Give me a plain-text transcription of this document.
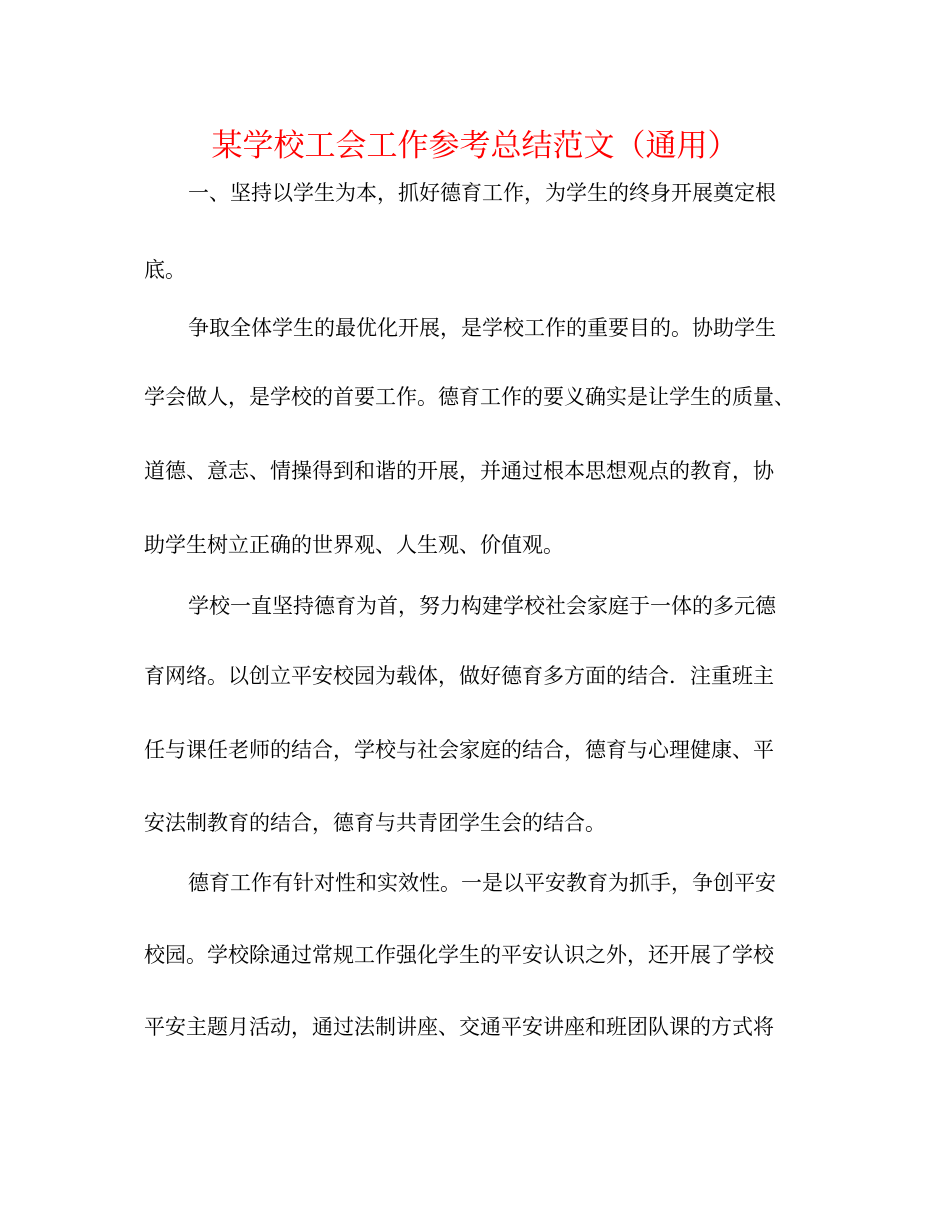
某学校工会工作参考总结范文（通用）
一、坚持以学生为本，抓好德育工作，为学生的终身开展奠定根
底。
争取全体学生的最优化开展，是学校工作的重要目的。协助学生
学会做人，是学校的首要工作。德育工作的要义确实是让学生的质量、
道德、意志、情操得到和谐的开展，并通过根本思想观点的教育，协
助学生树立正确的世界观、人生观、价值观。
学校一直坚持德育为首，努力构建学校社会家庭于一体的多元德
育网络。以创立平安校园为载体，做好德育多方面的结合．注重班主
任与课任老师的结合，学校与社会家庭的结合，德育与心理健康、平
安法制教育的结合，德育与共青团学生会的结合。
德育工作有针对性和实效性。一是以平安教育为抓手，争创平安
校园。学校除通过常规工作强化学生的平安认识之外，还开展了学校
平安主题月活动，通过法制讲座、交通平安讲座和班团队课的方式将
